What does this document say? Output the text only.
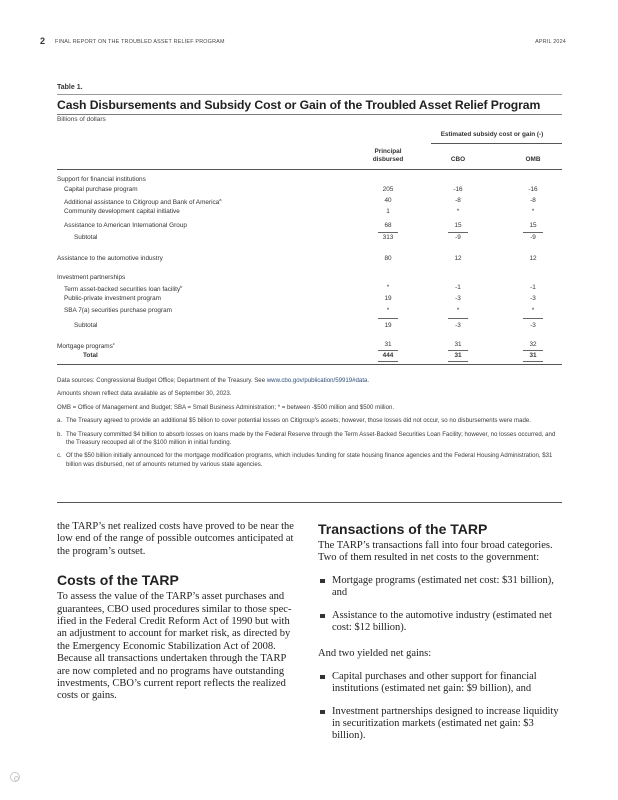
2 FINAL REPORT ON THE TROUBLED ASSET RELIEF PROGRAM	APRIL 2024
Table 1.
Cash Disbursements and Subsidy Cost or Gain of the Troubled Asset Relief Program
Billions of dollars
Estimated subsidy cost or gain (-)
Principal
disbursed	CBO	OMB
Support for financial institutions
Capital purchase program	205	-16	-16
Additional assistance to Citigroup and Bank of America$^a$	40	-8	-8
Community development capital initiative	1	*	*
Assistance to American International Group	68	15	15
Subtotal	313	-9	-9
Assistance to the automotive industry	80	12	12
Investment partnerships
Term asset-backed securities loan facility$^b$	*	-1	-1
Public-private investment program	19	-3	-3
SBA 7(a) securities purchase program	*	*	*
Subtotal	19	-3	-3
Mortgage programs$^c$	31	31	32
Total	444	31	31

Data sources: Congressional Budget Office; Department of the Treasury. See www.cbo.gov/publication/59919#data.

Amounts shown reflect data available as of September 30, 2023.

OMB = Office of Management and Budget; SBA = Small Business Administration; * = between -$500 million and $500 million.

a. The Treasury agreed to provide an additional $5 billion to cover potential losses on Citigroup’s assets; however, those losses did not occur, so no disbursements were made.

b. The Treasury committed $4 billion to absorb losses on loans made by the Federal Reserve through the Term Asset-Backed Securities Loan Facility; however, no losses occurred, and the Treasury recouped all of the $100 million in initial funding.

c. Of the $50 billion initially announced for the mortgage modification programs, which includes funding for state housing finance agencies and the Federal Housing Administration, $31 billion was disbursed, net of amounts returned by various state agencies.

the TARP’s net realized costs have proved to be near the low end of the range of possible outcomes anticipated at the program’s outset.

Costs of the TARP

To assess the value of the TARP’s asset purchases and guarantees, CBO used procedures similar to those spec- ified in the Federal Credit Reform Act of 1990 but with an adjustment to account for market risk, as directed by the Emergency Economic Stabilization Act of 2008. Because all transactions undertaken through the TARP are now completed and no programs have outstanding investments, CBO’s current report reflects the realized costs or gains.

Transactions of the TARP

The TARP’s transactions fall into four broad categories. Two of them resulted in net costs to the government:

Mortgage programs (estimated net cost: $31 billion), and
Assistance to the automotive industry (estimated net cost: $12 billion).

And two yielded net gains:

Capital purchases and other support for financial institutions (estimated net gain: $9 billion), and
Investment partnerships designed to increase liquidity in securitization markets (estimated net gain: $3 billion).
